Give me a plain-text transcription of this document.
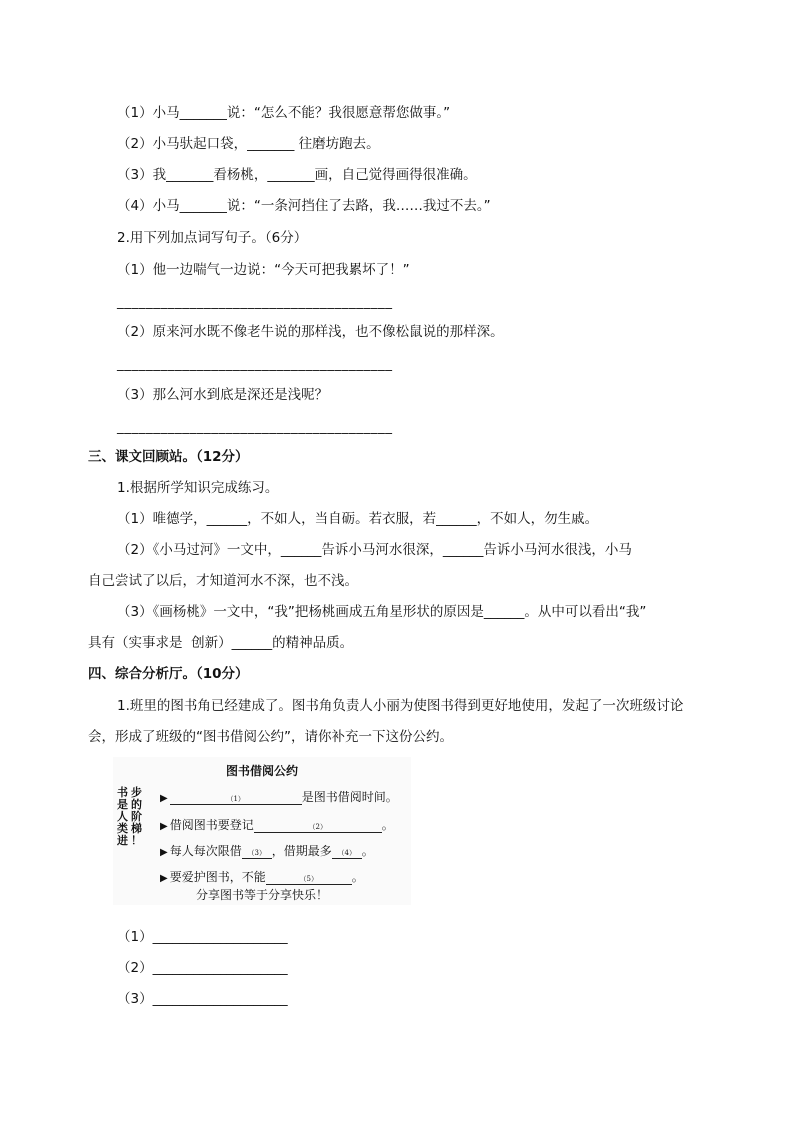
（1）小马_______说：“怎么不能？我很愿意帮您做事。”
（2）小马驮起口袋，_______ 往磨坊跑去。
（3）我_______看杨桃，_______画，自己觉得画得很准确。
（4）小马_______说：“一条河挡住了去路，我……我过不去。”
2.用下列加点词写句子。（6分）
（1）他一边喘气一边说：“今天可把我累坏了！”
______________________________________
（2）原来河水既不像老牛说的那样浅，也不像松鼠说的那样深。
______________________________________
（3）那么河水到底是深还是浅呢？
______________________________________
三、课文回顾站。（12分）
1.根据所学知识完成练习。
（1）唯德学，______，不如人，当自砺。若衣服，若______，不如人，勿生戚。
（2）《小马过河》一文中，______告诉小马河水很深，______告诉小马河水很浅，小马
自己尝试了以后，才知道河水不深，也不浅。
（3）《画杨桃》一文中，“我”把杨桃画成五角星形状的原因是______。从中可以看出“我”
具有（实事求是  创新）______的精神品质。
四、综合分析厅。（10分）
1.班里的图书角已经建成了。图书角负责人小丽为使图书得到更好地使用，发起了一次班级讨论
会，形成了班级的“图书借阅公约”，请你补充一下这份公约。
图书借阅公约
书
是
人
类
进
步
的
阶
梯
！
▶	（1）	是图书借阅时间。
▶ 借阅图书要登记	（2）	。
▶ 每人每次限借 （3） ，借期最多 （4） 。
▶ 要爱护图书，不能	（5）	。
分享图书等于分享快乐！
（1）____________________
（2）____________________
（3）____________________
